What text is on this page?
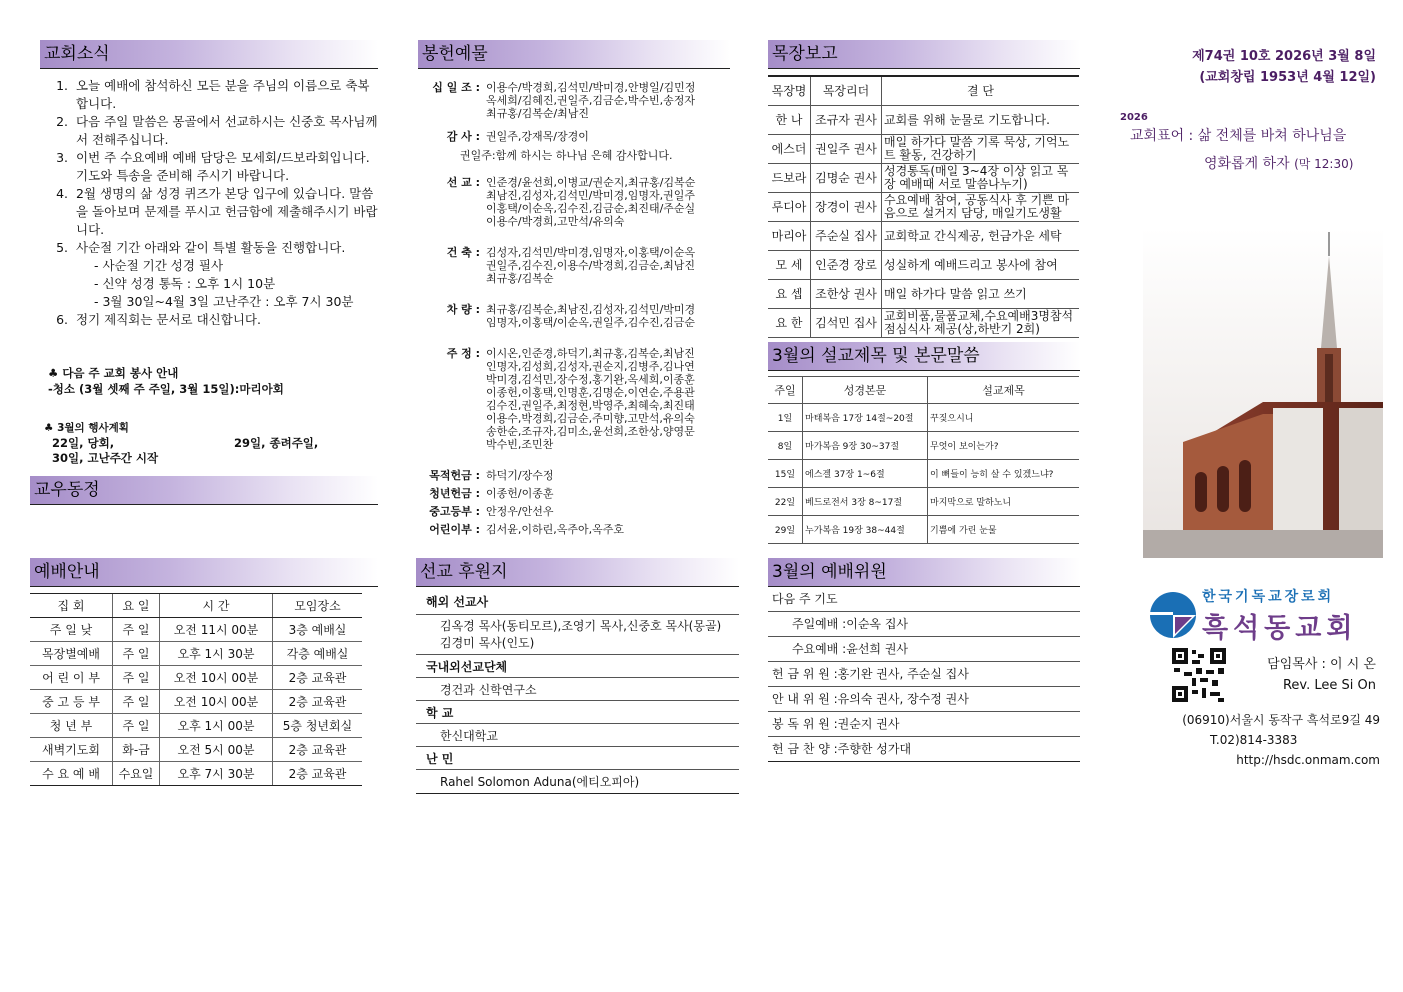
교회소식
1. 오늘 예배에 참석하신 모든 분을 주님의 이름으로 축복합니다.
2. 다음 주일 말씀은 몽골에서 선교하시는 신중호 목사님께서 전해주십니다.
3. 이번 주 수요예배 예배 담당은 모세회/드보라회입니다. 기도와 특송을 준비해 주시기 바랍니다.
4. 2월 생명의 삶 성경 퀴즈가 본당 입구에 있습니다. 말씀을 돌아보며 문제를 푸시고 헌금함에 제출해주시기 바랍니다.
5. 사순절 기간 아래와 같이 특별 활동을 진행합니다.
- 사순절 기간 성경 필사
- 신약 성경 통독 : 오후 1시 10분
- 3월 30일~4월 3일 고난주간 : 오후 7시 30분
6. 정기 제직회는 문서로 대신합니다.
♣ 다음 주 교회 봉사 안내
-청소 (3월 셋째 주 주일, 3월 15일):마리아회
♣ 3월의 행사계획
22일, 당회,	29일, 종려주일,
30일, 고난주간 시작
교우동정
예배안내
집 회	요 일	시 간	모임장소
주 일 낮	주 일	오전 11시 00분	3층 예배실
목장별예배	주 일	오후 1시 30분	각층 예배실
어 린 이 부	주 일	오전 10시 00분	2층 교육관
중 고 등 부	주 일	오전 10시 00분	2층 교육관
청 년 부	주 일	오후 1시 00분	5층 청년회실
새벽기도회	화-금	오전 5시 00분	2층 교육관
수 요 예 배	수요일	오후 7시 30분	2층 교육관
봉헌예물
십 일 조 : 이용수/박경희,김석민/박미경,안병일/김민정 옥세희/김혜진,권일주,김금순,박수빈,송정자 최규홍/김복순/최남진
감 사 : 권일주,강재목/장경이
권일주:함께 하시는 하나님 은혜 감사합니다.
선 교 : 인준경/윤선희,이병교/권순지,최규홍/김복순 최남진,김성자,김석민/박미경,임명자,권일주 이홍택/이순옥,김수진,김금순,최진태/주순실 이용수/박경희,고만석/유의숙
건 축 : 김성자,김석민/박미경,임명자,이홍택/이순옥 권일주,김수진,이용수/박경희,김금순,최남진 최규홍/김복순
차 량 : 최규홍/김복순,최남진,김성자,김석민/박미경 임명자,이홍택/이순옥,권일주,김수진,김금순
주 정 : 이시온,인준경,하덕기,최규홍,김복순,최남진 인명자,김성희,김성자,권순지,김병주,김나연 박미경,김석민,장수정,홍기완,옥세희,이종훈 이종헌,이홍택,인명훈,김명순,이연순,주용관 김수진,권일주,최정현,박영주,최혜숙,최진태 이용수,박경희,김금순,주미향,고만석,유의숙 송한순,조규자,김미소,윤선희,조한상,양영문 박수빈,조민찬
목적헌금 : 하덕기/장수정
청년헌금 : 이종헌/이종훈
중고등부 : 안정우/안선우
어린이부 : 김서윤,이하린,옥주아,옥주호
선교 후원지
해외 선교사
김옥경 목사(동티모르),조영기 목사,신중호 목사(몽골)
김경미 목사(인도)
국내외선교단체
경건과 신학연구소
학 교
한신대학교
난 민
Rahel Solomon Aduna(에티오피아)
목장보고
목장명	목장리더	결 단
한 나	조규자 권사	교회를 위해 눈물로 기도합니다.
에스더	권일주 권사	매일 하가다 말씀 기록 묵상, 기억노트 활동, 건강하기
드보라	김명순 권사	성경통독(매일 3~4장 이상 읽고 목장 예배때 서로 말씀나누기)
루디아	장경이 권사	수요예배 참여, 공동식사 후 기쁜 마음으로 설거지 담당, 매일기도생활
마리아	주순실 집사	교회학교 간식제공, 헌금가운 세탁
모 세	인준경 장로	성실하게 예배드리고 봉사에 참여
요 셉	조한상 권사	매일 하가다 말씀 읽고 쓰기
요 한	김석민 집사	교회비품,물품교체,수요예배3명참석 점심식사 제공(상,하반기 2회)
3월의 설교제목 및 본문말씀
주일	성경본문	설교제목
1일	마태복음 17장 14절~20절	꾸짖으시니
8일	마가복음 9장 30~37절	무엇이 보이는가?
15일	에스겔 37장 1~6절	이 뼈들이 능히 살 수 있겠느냐?
22일	베드로전서 3장 8~17절	마지막으로 말하노니
29일	누가복음 19장 38~44절	기쁨에 가린 눈물
3월의 예배위원
다음 주 기도
주일예배 :이순옥 집사
수요예배 :윤선희 권사
헌 금 위 원 :홍기완 권사, 주순실 집사
안 내 위 원 :유의숙 권사, 장수정 권사
봉 독 위 원 :권순지 권사
헌 금 찬 양 :주향한 성가대
제74권 10호 2026년 3월 8일
(교회창립 1953년 4월 12일)
2026
교회표어 : 삶 전체를 바쳐 하나님을
영화롭게 하자 (막 12:30)
한국기독교장로회
흑석동교회
담임목사 : 이 시 온
Rev. Lee Si On
(06910)서울시 동작구 흑석로9길 49
T.02)814-3383
http://hsdc.onmam.com
